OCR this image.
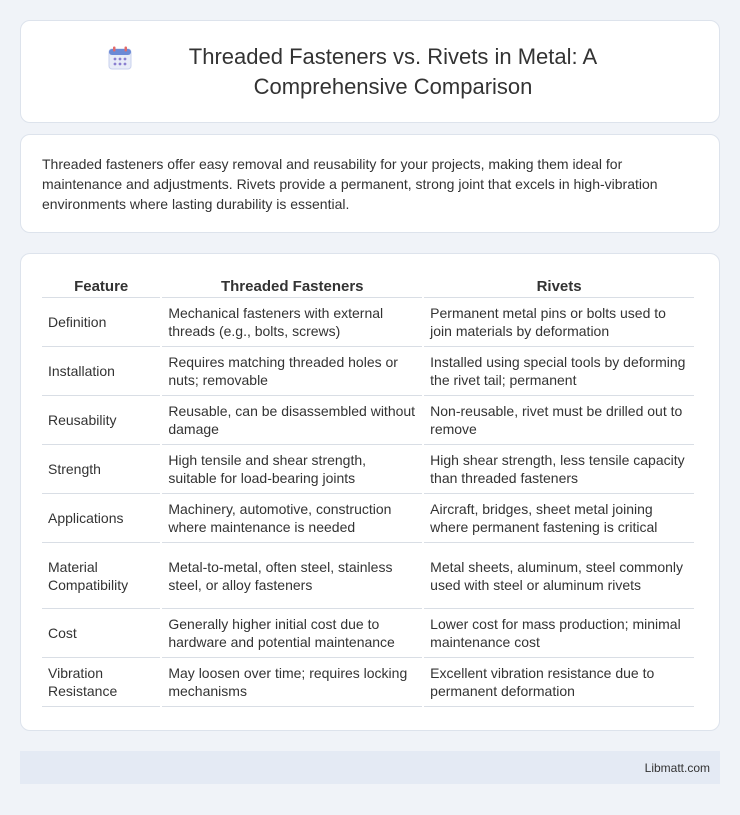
Threaded Fasteners vs. Rivets in Metal: A Comprehensive Comparison

Threaded fasteners offer easy removal and reusability for your projects, making them ideal for maintenance and adjustments. Rivets provide a permanent, strong joint that excels in high-vibration environments where lasting durability is essential.

Feature	Threaded Fasteners	Rivets
Definition	Mechanical fasteners with external threads (e.g., bolts, screws)	Permanent metal pins or bolts used to join materials by deformation
Installation	Requires matching threaded holes or nuts; removable	Installed using special tools by deforming the rivet tail; permanent
Reusability	Reusable, can be disassembled without damage	Non-reusable, rivet must be drilled out to remove
Strength	High tensile and shear strength, suitable for load-bearing joints	High shear strength, less tensile capacity than threaded fasteners
Applications	Machinery, automotive, construction where maintenance is needed	Aircraft, bridges, sheet metal joining where permanent fastening is critical
Material Compatibility	Metal-to-metal, often steel, stainless steel, or alloy fasteners	Metal sheets, aluminum, steel commonly used with steel or aluminum rivets
Cost	Generally higher initial cost due to hardware and potential maintenance	Lower cost for mass production; minimal maintenance cost
Vibration Resistance	May loosen over time; requires locking mechanisms	Excellent vibration resistance due to permanent deformation
Libmatt.com
